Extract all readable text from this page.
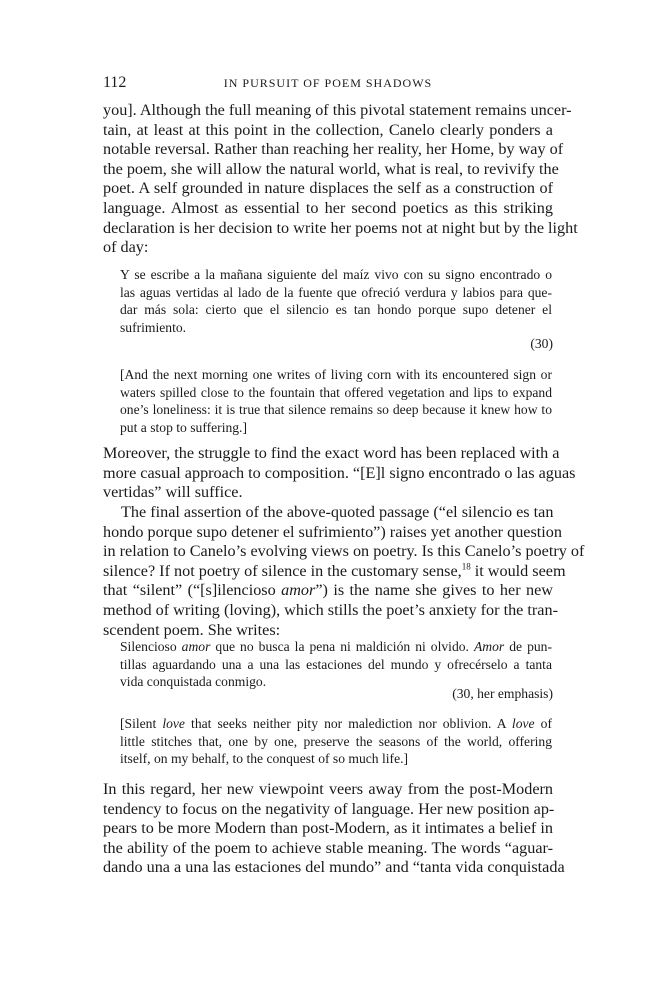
112	IN PURSUIT OF POEM SHADOWS
you]. Although the full meaning of this pivotal statement remains uncer-
tain, at least at this point in the collection, Canelo clearly ponders a
notable reversal. Rather than reaching her reality, her Home, by way of
the poem, she will allow the natural world, what is real, to revivify the
poet. A self grounded in nature displaces the self as a construction of
language. Almost as essential to her second poetics as this striking
declaration is her decision to write her poems not at night but by the light
of day:
Y se escribe a la mañana siguiente del maíz vivo con su signo encontrado o
las aguas vertidas al lado de la fuente que ofreció verdura y labios para que-
dar más sola: cierto que el silencio es tan hondo porque supo detener el
sufrimiento.
(30)
[And the next morning one writes of living corn with its encountered sign or
waters spilled close to the fountain that offered vegetation and lips to expand
one’s loneliness: it is true that silence remains so deep because it knew how to
put a stop to suffering.]
Moreover, the struggle to find the exact word has been replaced with a
more casual approach to composition. “[E]l signo encontrado o las aguas
vertidas” will suffice.
The final assertion of the above-quoted passage (“el silencio es tan
hondo porque supo detener el sufrimiento”) raises yet another question
in relation to Canelo’s evolving views on poetry. Is this Canelo’s poetry of
silence? If not poetry of silence in the customary sense,$^{18}$ it would seem
that “silent” (“[s]ilencioso amor”) is the name she gives to her new
method of writing (loving), which stills the poet’s anxiety for the tran-
scendent poem. She writes:
Silencioso amor que no busca la pena ni maldición ni olvido. Amor de pun-
tillas aguardando una a una las estaciones del mundo y ofrecérselo a tanta
vida conquistada conmigo.
(30, her emphasis)
[Silent love that seeks neither pity nor malediction nor oblivion. A love of
little stitches that, one by one, preserve the seasons of the world, offering
itself, on my behalf, to the conquest of so much life.]
In this regard, her new viewpoint veers away from the post-Modern
tendency to focus on the negativity of language. Her new position ap-
pears to be more Modern than post-Modern, as it intimates a belief in
the ability of the poem to achieve stable meaning. The words “aguar-
dando una a una las estaciones del mundo” and “tanta vida conquistada
